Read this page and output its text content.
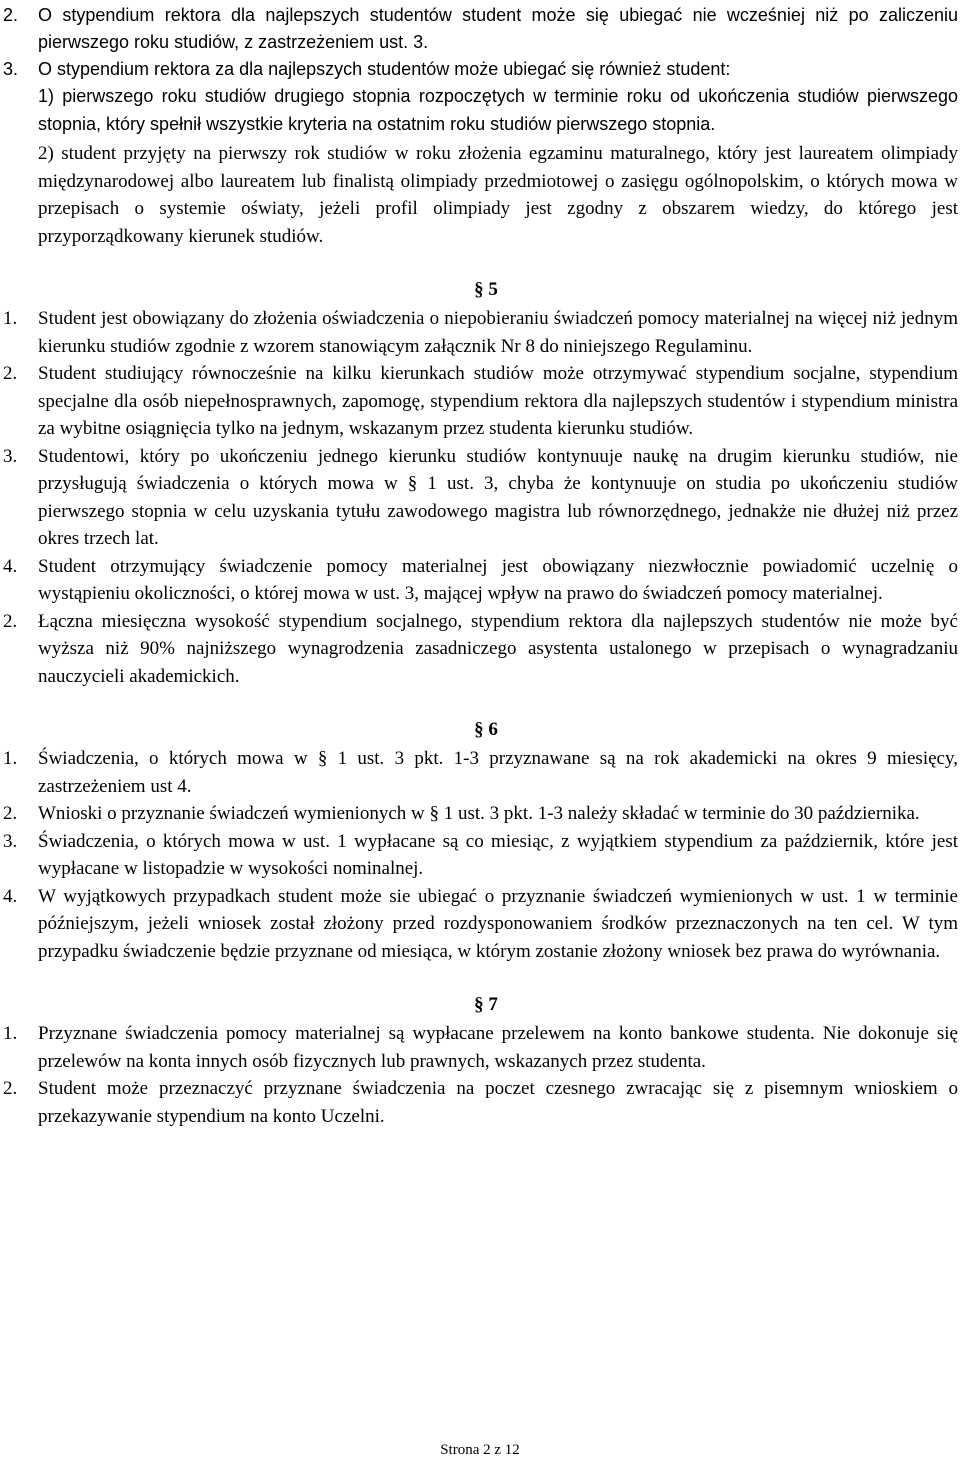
2. O stypendium rektora dla najlepszych studentów student może się ubiegać nie wcześniej niż po zaliczeniu pierwszego roku studiów, z zastrzeżeniem ust. 3.
3. O stypendium rektora za dla najlepszych studentów może ubiegać się również student:
1) pierwszego roku studiów drugiego stopnia rozpoczętych w terminie roku od ukończenia studiów pierwszego stopnia, który spełnił wszystkie kryteria na ostatnim roku studiów pierwszego stopnia.
2) student przyjęty na pierwszy rok studiów w roku złożenia egzaminu maturalnego, który jest laureatem olimpiady międzynarodowej albo laureatem lub finalistą olimpiady przedmiotowej o zasięgu ogólnopolskim, o których mowa w przepisach o systemie oświaty, jeżeli profil olimpiady jest zgodny z obszarem wiedzy, do którego jest przyporządkowany kierunek studiów.
§ 5
1. Student jest obowiązany do złożenia oświadczenia o niepobieraniu świadczeń pomocy materialnej na więcej niż jednym kierunku studiów zgodnie z wzorem stanowiącym załącznik Nr 8 do niniejszego Regulaminu.
2. Student studiujący równocześnie na kilku kierunkach studiów może otrzymywać stypendium socjalne, stypendium specjalne dla osób niepełnosprawnych, zapomogę, stypendium rektora dla najlepszych studentów i stypendium ministra za wybitne osiągnięcia tylko na jednym, wskazanym przez studenta kierunku studiów.
3. Studentowi, który po ukończeniu jednego kierunku studiów kontynuuje naukę na drugim kierunku studiów, nie przysługują świadczenia o których mowa w § 1 ust. 3, chyba że kontynuuje on studia po ukończeniu studiów pierwszego stopnia w celu uzyskania tytułu zawodowego magistra lub równorzędnego, jednakże nie dłużej niż przez okres trzech lat.
4. Student otrzymujący świadczenie pomocy materialnej jest obowiązany niezwłocznie powiadomić uczelnię o wystąpieniu okoliczności, o której mowa w ust. 3, mającej wpływ na prawo do świadczeń pomocy materialnej.
2. Łączna miesięczna wysokość stypendium socjalnego, stypendium rektora dla najlepszych studentów nie może być wyższa niż 90% najniższego wynagrodzenia zasadniczego asystenta ustalonego w przepisach o wynagradzaniu nauczycieli akademickich.
§ 6
1. Świadczenia, o których mowa w § 1 ust. 3 pkt. 1-3 przyznawane są na rok akademicki na okres 9 miesięcy, zastrzeżeniem ust 4.
2. Wnioski o przyznanie świadczeń wymienionych w § 1 ust. 3 pkt. 1-3 należy składać w terminie do 30 października.
3. Świadczenia, o których mowa w ust. 1 wypłacane są co miesiąc, z wyjątkiem stypendium za październik, które jest wypłacane w listopadzie w wysokości nominalnej.
4. W wyjątkowych przypadkach student może sie ubiegać o przyznanie świadczeń wymienionych w ust. 1 w terminie późniejszym, jeżeli wniosek został złożony przed rozdysponowaniem środków przeznaczonych na ten cel. W tym przypadku świadczenie będzie przyznane od miesiąca, w którym zostanie złożony wniosek bez prawa do wyrównania.
§ 7
1. Przyznane świadczenia pomocy materialnej są wypłacane przelewem na konto bankowe studenta. Nie dokonuje się przelewów na konta innych osób fizycznych lub prawnych, wskazanych przez studenta.
2. Student może przeznaczyć przyznane świadczenia na poczet czesnego zwracając się z pisemnym wnioskiem o przekazywanie stypendium na konto Uczelni.
Strona 2 z 12
